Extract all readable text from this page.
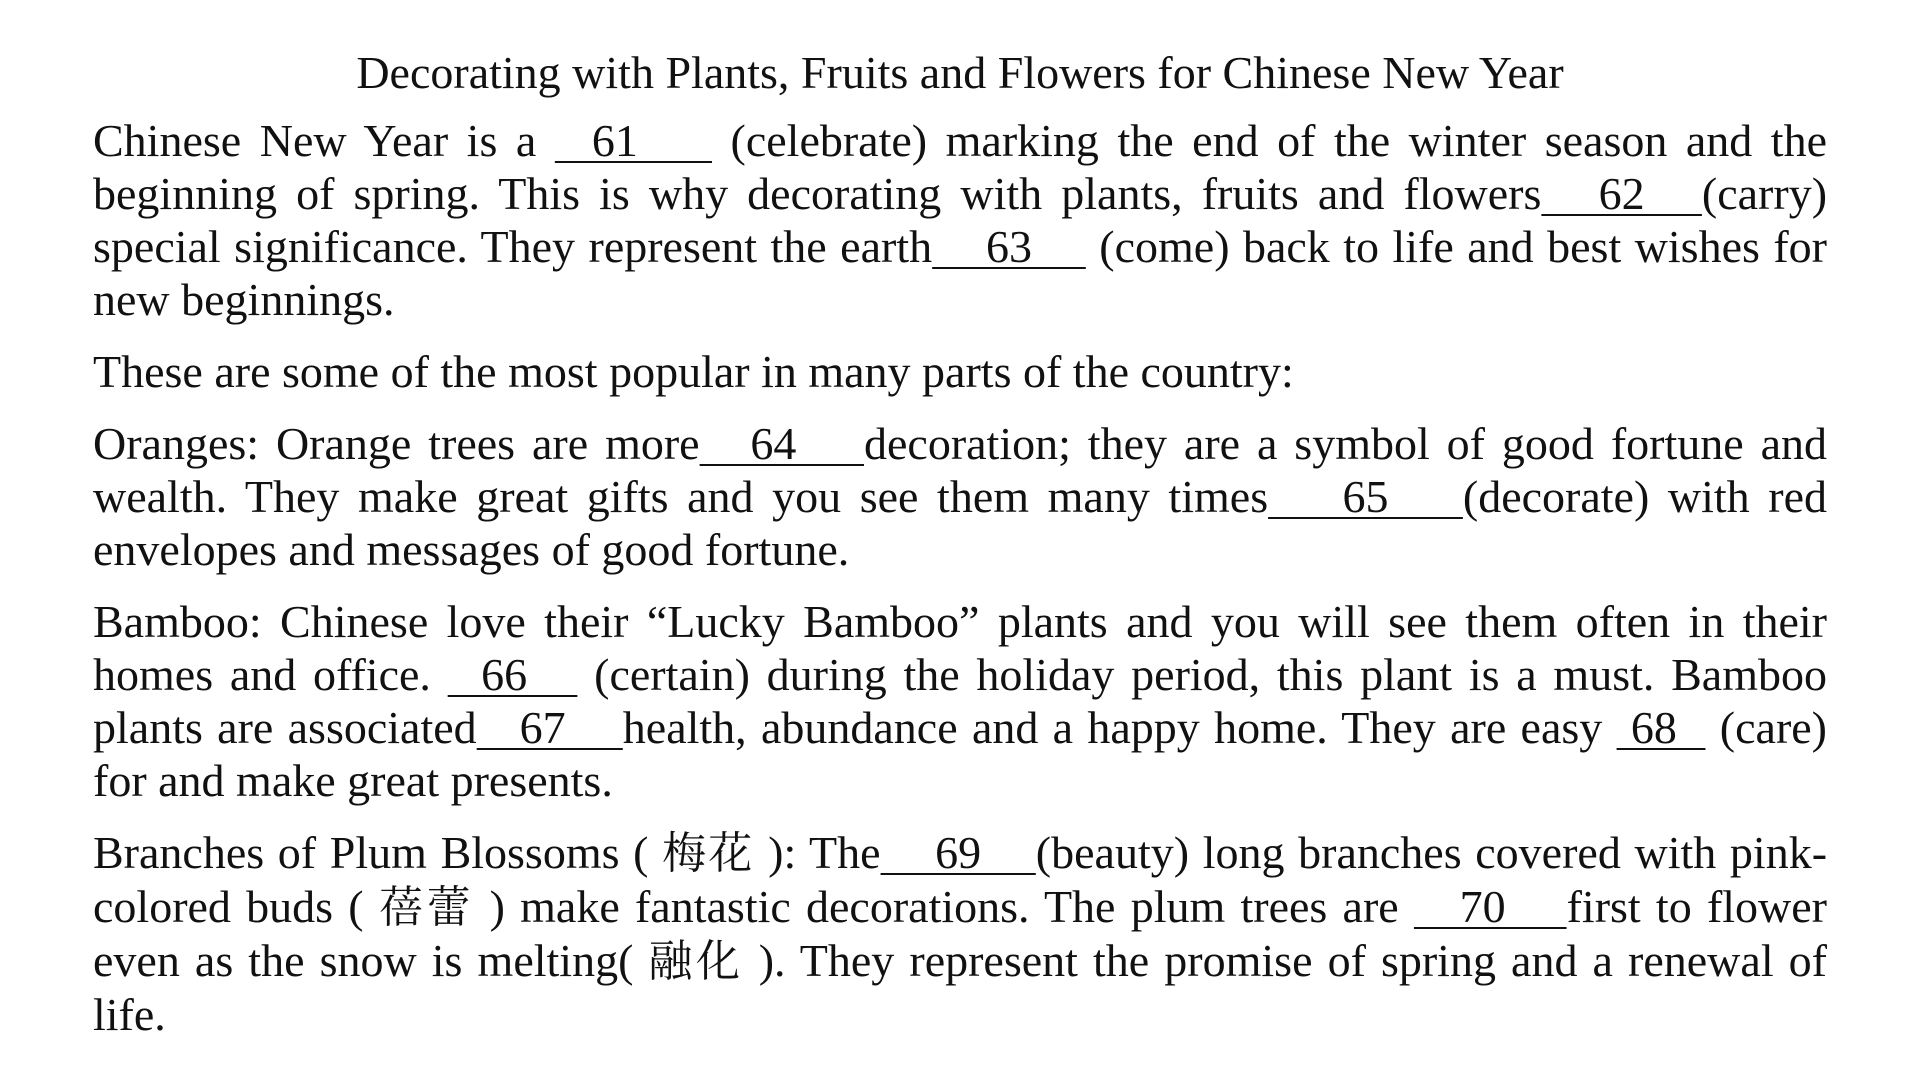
Decorating with Plants, Fruits and Flowers for Chinese New Year

Chinese New Year is a   61     (celebrate) marking the end of the winter season and the beginning of spring. This is why decorating with plants, fruits and flowers   62   (carry) special significance. They represent the earth    63     (come) back to life and best wishes for new beginnings.

These are some of the most popular in many parts of the country:

Oranges: Orange trees are more   64    decoration; they are a symbol of good fortune and wealth. They make great gifts and you see them many times    65    (decorate) with red envelopes and messages of good fortune.

Bamboo: Chinese love their “Lucky Bamboo” plants and you will see them often in their homes and office.   66    (certain) during the holiday period, this plant is a must. Bamboo plants are associated   67    health, abundance and a happy home. They are easy  68   (care) for and make great presents.

Branches of Plum Blossoms ( 梅花 ): The    69    (beauty) long branches covered with pink-colored buds ( 蓓蕾 ) make fantastic decorations. The plum trees are    70    first to flower even as the snow is melting( 融化 ). They represent the promise of spring and a renewal of life.
